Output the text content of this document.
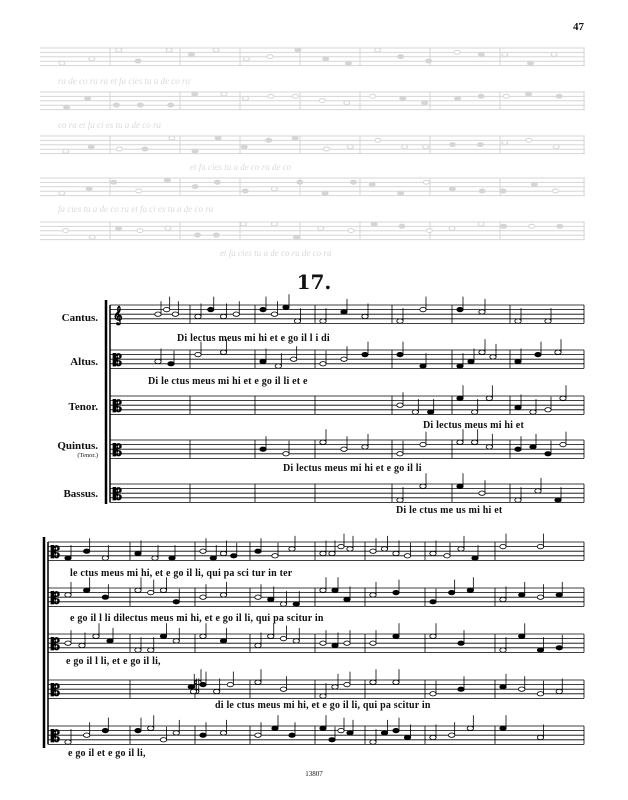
47
ra de co ra ra et fa cies tu a de co ra
co ra et fa ci es tu a de co ra
et fa cies tu a de co ra de co
fa cies tu a de co ra et fa ci es tu a de co ra
et fa cies tu a de co ra de co ra
17.
Cantus.
Altus.
Tenor.
Quintus.
(Tenor.)
Bassus.
𝄞
𝄡
𝄡
𝄡
𝄡
𝄡
𝄡
𝄡
𝄡
𝄡
Di lectus meus mi hi et e go il l i di
Di le ctus meus mi hi et e go il li et e
Di lectus meus mi hi et
Di lectus meus mi hi et e go il li
Di le ctus me us mi hi et
le ctus meus mi hi, et e go il li, qui pa sci tur in ter
e go il l li dilectus meus mi hi, et e go il li, qui pa scitur in
e go il l li, et e go il li,
di le ctus meus mi hi, et e go il li, qui pa scitur in
e go il et e go il li,
13807
